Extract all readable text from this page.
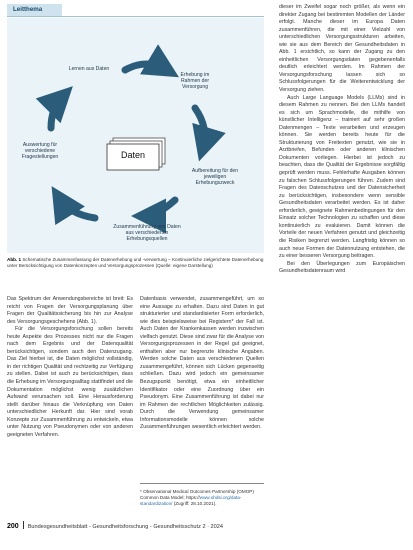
Leitthema
Daten
Lernen aus Daten
Erhebung im Rahmen der Versorgung
Aufbereitung für den jeweiligen Erhebungszweck
Zusammenführung von Daten aus verschiedenen Erhebungsquellen
Auswertung für verschiedene Fragestellungen
Abb. 1 Schematische Zusammenfassung der Datenerhebung und -verwertung – Kontinuierliche zielgerichtete Datenerhebung unter Berücksichtigung von Datenkonzepten und Versorgungsprozessen (Quelle: eigene Darstellung)

Das Spektrum der Anwendungsbereiche ist breit: Es reicht von Fragen der Versorgungsplanung über Fragen der Qualitätssicherung bis hin zur Analyse des Versorgungsgeschehens (Abb. 1).

Für die Versorgungsforschung sollen bereits heute Aspekte des Prozesses nicht nur die Fragen nach dem Ergebnis und der Datenqualität berücksichtigen, sondern auch den Datenzugang. Das Ziel hierbei ist, die Daten möglichst vollständig, in der richtigen Qualität und rechtzeitig zur Verfügung zu stellen. Dabei ist auch zu berücksichtigen, dass die Erhebung im Versorgungsalltag stattfindet und die Dokumentation möglichst wenig zusätzlichen Aufwand verursachen soll. Eine Herausforderung stellt darüber hinaus die Verknüpfung von Daten unterschiedlicher Herkunft dar. Hier sind vorab Konzepte zur Zusammenführung zu entwickeln, etwa unter Nutzung von Pseudonymen oder von anderen geeigneten Verfahren.

Datenbasis verwendet, zusammengeführt, um so eine Aussage zu erhalten. Dazu sind Daten in gut strukturierter und standardisierter Form erforderlich, wie dies beispielsweise bei Registern* der Fall ist. Auch Daten der Krankenkassen werden inzwischen vielfach genutzt. Diese sind zwar für die Analyse von Versorgungsprozessen in der Regel gut geeignet, enthalten aber nur begrenzte klinische Angaben. Werden solche Daten aus verschiedenen Quellen zusammengeführt, können sich Lücken gegenseitig schließen. Dazu wird jedoch ein gemeinsamer Bezugspunkt benötigt, etwa ein einheitlicher Identifikator oder eine Zuordnung über ein Pseudonym. Eine Zusammenführung ist dabei nur im Rahmen der rechtlichen Möglichkeiten zulässig. Durch die Verwendung gemeinsamer Informationsmodelle können solche Zusammenführungen wesentlich erleichtert werden.

* Observational Medical Outcomes Partnership (OMOP) Common Data Model; https://www.ohdsi.org/data-standardization/ (Zugriff: 28.10.2021).

dieser im Zweifel sogar noch größer, als wenn ein direkter Zugang bei bestimmten Modellen der Länder erfolgt. Manche dieser im Europa Daten zusammenführen, die mit einer Vielzahl von unterschiedlichen Versorgungsstrukturen arbeiten, wie sie aus dem Bereich der Gesundheitsdaten in Abb. 1 ersichtlich, so kann der Zugang zu den einheitlichen Versorgungsdaten gegebenenfalls deutlich erleichtert werden. Im Rahmen der Versorgungsforschung lassen sich so Schlussfolgerungen für die Weiterentwicklung der Versorgung ziehen.

Auch Large Language Models (LLMs) sind in diesem Rahmen zu nennen. Bei den LLMs handelt es sich um Sprachmodelle, die mithilfe von künstlicher Intelligenz – trainiert auf sehr großen Datenmengen – Texte verarbeiten und erzeugen können. Sie werden bereits heute für die Strukturierung von Freitexten genutzt, wie sie in Arztbriefen, Befunden oder anderen klinischen Dokumenten vorliegen. Hierbei ist jedoch zu beachten, dass die Qualität der Ergebnisse sorgfältig geprüft werden muss. Fehlerhafte Ausgaben können zu falschen Schlussfolgerungen führen. Zudem sind Fragen des Datenschutzes und der Datensicherheit zu berücksichtigen, insbesondere wenn sensible Gesundheitsdaten verarbeitet werden. Es ist daher erforderlich, geeignete Rahmenbedingungen für den Einsatz solcher Technologien zu schaffen und diese kontinuierlich zu evaluieren. Damit können die Vorteile der neuen Verfahren genutzt und gleichzeitig die Risiken begrenzt werden. Langfristig können so auch neue Formen der Datennutzung entstehen, die zu einer besseren Versorgung beitragen.

Bei den Überlegungen zum Europäischen Gesundheitsdatenraum wird

200 Bundesgesundheitsblatt - Gesundheitsforschung - Gesundheitsschutz 2 · 2024
